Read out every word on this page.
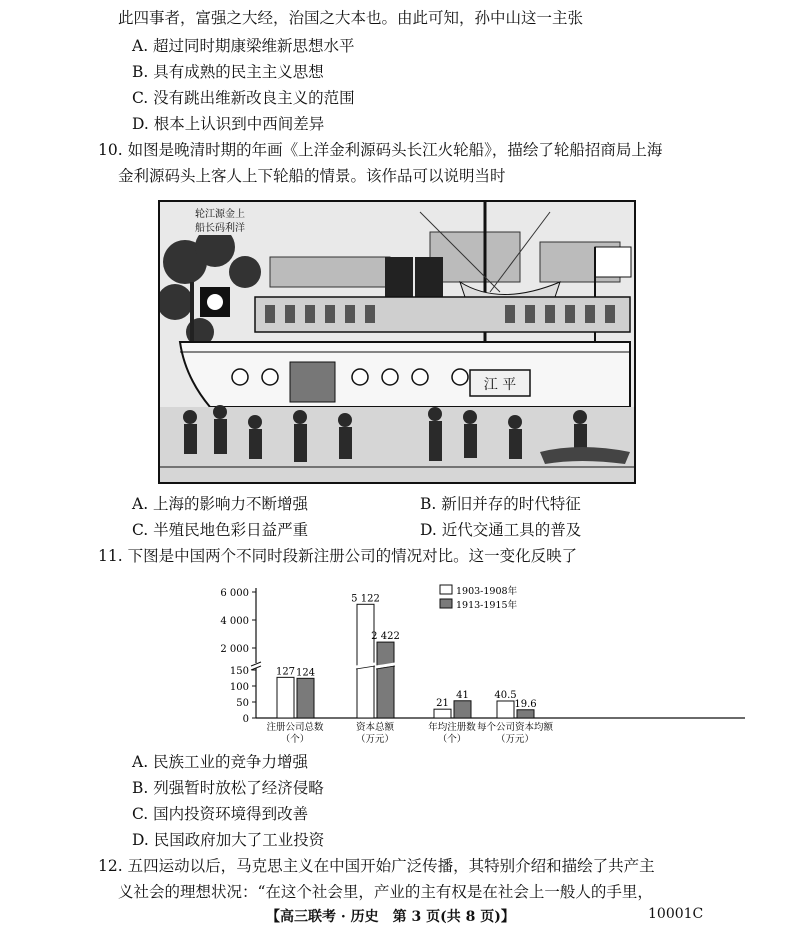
此四事者，富强之大经，治国之大本也。由此可知，孙中山这一主张
A. 超过同时期康梁维新思想水平
B. 具有成熟的民主主义思想
C. 没有跳出维新改良主义的范围
D. 根本上认识到中西间差异
10. 如图是晚清时期的年画《上洋金利源码头长江火轮船》，描绘了轮船招商局上海
金利源码头上客人上下轮船的情景。该作品可以说明当时
江 平
轮江源金上
船长码利洋
A. 上海的影响力不断增强	B. 新旧并存的时代特征
C. 半殖民地色彩日益严重	D. 近代交通工具的普及
11. 下图是中国两个不同时段新注册公司的情况对比。这一变化反映了
6 000
4 000
2 000
150
100
50
0
127 124
注册公司总数
（个）
5 122
2 422
资本总额
（万元）
21
41
年均注册数
（个）
40.5
19.6
每个公司资本均额
（万元）
1903-1908年
1913-1915年
A. 民族工业的竞争力增强
B. 列强暂时放松了经济侵略
C. 国内投资环境得到改善
D. 民国政府加大了工业投资
12. 五四运动以后，马克思主义在中国开始广泛传播，其特别介绍和描绘了共产主
义社会的理想状况：“在这个社会里，产业的主有权是在社会上一般人的手里，
【高三联考 · 历史　第 3 页(共 8 页)】	10001C
